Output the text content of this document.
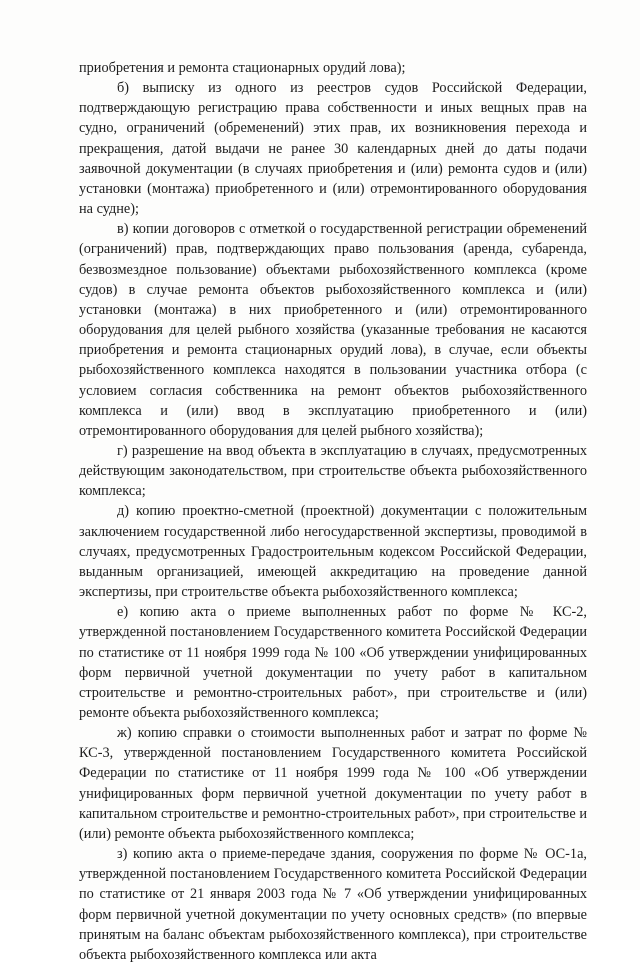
приобретения и ремонта стационарных орудий лова);

б) выписку из одного из реестров судов Российской Федерации, подтверждающую регистрацию права собственности и иных вещных прав на судно, ограничений (обременений) этих прав, их возникновения перехода и прекращения, датой выдачи не ранее 30 календарных дней до даты подачи заявочной документации (в случаях приобретения и (или) ремонта судов и (или) установки (монтажа) приобретенного и (или) отремонтированного оборудования на судне);

в) копии договоров с отметкой о государственной регистрации обременений (ограничений) прав, подтверждающих право пользования (аренда, субаренда, безвозмездное пользование) объектами рыбохозяйственного комплекса (кроме судов) в случае ремонта объектов рыбохозяйственного комплекса и (или) установки (монтажа) в них приобретенного и (или) отремонтированного оборудования для целей рыбного хозяйства (указанные требования не касаются приобретения и ремонта стационарных орудий лова), в случае, если объекты рыбохозяйственного комплекса находятся в пользовании участника отбора (с условием согласия собственника на ремонт объектов рыбохозяйственного комплекса и (или) ввод в эксплуатацию приобретенного и (или) отремонтированного оборудования для целей рыбного хозяйства);

г) разрешение на ввод объекта в эксплуатацию в случаях, предусмотренных действующим законодательством, при строительстве объекта рыбохозяйственного комплекса;

д) копию проектно-сметной (проектной) документации с положительным заключением государственной либо негосударственной экспертизы, проводимой в случаях, предусмотренных Градостроительным кодексом Российской Федерации, выданным организацией, имеющей аккредитацию на проведение данной экспертизы, при строительстве объекта рыбохозяйственного комплекса;

е) копию акта о приеме выполненных работ по форме № КС-2, утвержденной постановлением Государственного комитета Российской Федерации по статистике от 11 ноября 1999 года № 100 «Об утверждении унифицированных форм первичной учетной документации по учету работ в капитальном строительстве и ремонтно-строительных работ», при строительстве и (или) ремонте объекта рыбохозяйственного комплекса;

ж) копию справки о стоимости выполненных работ и затрат по форме № КС-3, утвержденной постановлением Государственного комитета Российской Федерации по статистике от 11 ноября 1999 года № 100 «Об утверждении унифицированных форм первичной учетной документации по учету работ в капитальном строительстве и ремонтно-строительных работ», при строительстве и (или) ремонте объекта рыбохозяйственного комплекса;

з) копию акта о приеме-передаче здания, сооружения по форме № ОС-1а, утвержденной постановлением Государственного комитета Российской Федерации по статистике от 21 января 2003 года № 7 «Об утверждении унифицированных форм первичной учетной документации по учету основных средств» (по впервые принятым на баланс объектам рыбохозяйственного комплекса), при строительстве объекта рыбохозяйственного комплекса или акта
